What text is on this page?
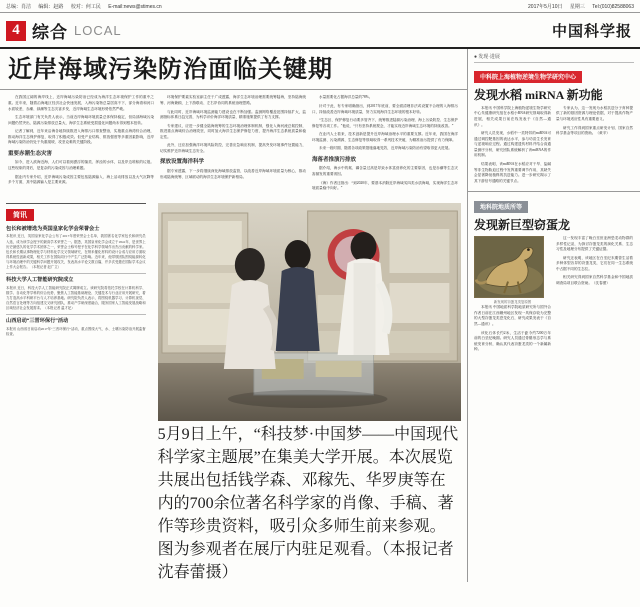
总编：肖洁 编辑：赵路 校对：何工民 E-mail:news@stimes.cn	2017年5月10日 星期三 Tel:(010)82588063
4 综合 LOCAL	中国科学报
近岸海域污染防治面临关键期

在我国辽阔的海岸线上，近岸海域污染防治已经成为海洋生态环境保护工作的重中之重。近年来，随着沿海地区经济社会快速发展，入海污染物总量居高不下，部分海湾和河口水质较差，赤潮、绿潮等生态灾害多发，近岸海域生态环境形势依然严峻。

生态环境部门有关负责人表示，当前近岸海域环境质量总体保持稳定，但局部海域污染问题仍然突出，陆源污染排放总量大，海洋生态系统受损退化问题尚未得到根本扭转。

记者了解到，近年来沿海各地持续推进入海排污口排查整治，实施重点海湾综合治理，推动海洋生态保护修复，取得了积极成效。但受产业结构、排放强度等多重因素影响，近岸海域污染防治仍处于负重爬坡、攻坚克难的关键阶段。

重要赤潮生态灾害

如今，进入滨海近海，人们可以看到漂浮的藻类、浑浊的水体，以及岸边堆积的垃圾。这些现象的背后，是复杂的污染成因与治理难题。

据业内专家介绍，近岸海域污染成因主要包括陆源输入、海上活动排放以及大气沉降等多个方面，其中陆源输入是主要来源。

环境保护要素实验室副主任于广成透露，海洋生态环境治理需要统筹陆海，坚持陆海统筹、河海兼顾、上下游联动、左右岸协同的系统治理思路。

与此同时，近岸海域环境监测能力建设也在不断加强。监测网络覆盖范围持续扩大，监测指标体系日趋完善，为科学评价海洋环境质量、精准施策提供了有力支撑。

专家建议，应进一步健全陆海统筹的生态环境治理体制机制，强化入海河流总氮控制，推进重点海域综合治理攻坚，同时加大海洋生态保护修复力度，提升海洋生态系统质量和稳定性。

此外，还应加强海洋环境风险防控，完善应急响应机制，提高突发环境事件处置能力，切实维护近岸海域生态安全。

探放设置海洋科学

据专家透露，下一步将继续深化海域排放监管，以改善近岸海域环境质量为核心，推动形成陆海统筹、区域联动的海洋生态环境保护新格局。

水量需要化占据海洋总量的78%。

针对于此，有专家明确指出，到2017年底前，要全面清理非法或设置不合理的入海排污口，持续改善近岸海域环境质量，努力实现海洋生态环境的根本好转。

“生态区、保护修复行动要多管齐下，统筹推进陆源污染治理、海上污染防控、生态保护修复等各项工作。”他说，“只有坚持系统观念，才能实现近岸海域生态环境的持续改善。”

在业内人士看来，技术创新是提升近岸海域治理水平的重要支撑。近年来，我国在海洋环境监测、污染溯源、生态修复等领域取得一系列技术突破，为精准治污提供了有力保障。

未来一段时期，随着各项政策措施落地见效，近岸海域污染防治有望取得更大进展。

海落者推演污排放

据介绍，海水中的氮、磷含量过高是导致水体富营养化的主要原因，也是赤潮等生态灾害频发的重要诱因。

《海》作者还指出：“到2020年，要基本消除近岸海域劣四类水质海域，实现海洋生态环境质量稳中向好。”

简讯
包长和被增选为英国皇家化学会荣誉会士
本报讯 近日，英国皇家化学会公布了2017年度荣誉会士名单，我国著名化学家包长和研究员入选，成为该学会授予的最高学术荣誉之一。据悉，英国皇家化学会成立于1841年，是世界上历史最悠久的化学学术团体之一，荣誉会士称号授予在化学科学领域作出杰出贡献的科学家。包长和长期从事物理化学与材料化学交叉领域研究，在纳米催化材料的设计合成与应用方面取得系统性创新成果，相关工作在国际同行中产生广泛影响。近年来，他带领团队围绕能源转化与环境治理中的关键科学问题开展攻关，发表高水平论文数百篇，并多次受邀在国际学术会议上作大会报告。（本报记者 赵广立）
科技大学人工智能研究院成立
本报讯 近日，科技大学人工智能研究院正式揭牌成立。该研究院将依托学校在计算机科学、数学、自动化等学科的综合优势，聚焦人工智能基础理论、关键技术与行业应用开展研究，着力打造高水平科研平台与人才培养基地。研究院负责人表示，将围绕机器学习、计算机视觉、自然语言处理等方向组建交叉研究团队，推动产学研深度融合，服务国家人工智能发展战略和区域经济社会发展需求。（本报记者 温才妃）
山西启动“三晋环保行”活动
本报讯 山西省日前启动2017年“三晋环保行”活动，重点围绕大气、水、土壤污染防治开展监督检查。
5月9日上午，“科技梦·中国梦——中国现代科学家主题展”在集美大学开展。本次展览共展出包括钱学森、邓稼先、华罗庚等在内的700余位著名科学家的肖像、手稿、著作等珍贵资料，吸引众多师生前来参观。图为参观者在展厅内驻足观看。（本报记者 沈春蕾摄）
● 发现·进展
中科院上海植物逆境生物学研究中心
发现水稻 miRNA 新功能

本报讯 中国科学院上海植物逆境生物学研究中心朱健康研究组在水稻小RNA研究领域取得新进展，相关成果日前在线发表于《自然—通讯》。

研究人员发现，水稻中一类特异的miRNA可通过调控靶基因的表达水平，参与幼苗生长发育与逆境响应过程。通过构建遗传材料并结合高通量测序分析，研究团队系统解析了该miRNA的作用机制。

结果表明，该miRNA在水稻应对干旱、盐碱等非生物胁迫过程中发挥重要调节作用，其缺失会显著降低植株的抗逆能力。进一步研究揭示了其下游信号通路的关键节点。

专家认为，这一发现为水稻抗逆分子育种提供了新的基因资源与理论依据，对于提高作物产量与环境适应性具有重要意义。

研究工作得到国家重点研发计划、国家自然科学基金等项目的资助。（黄辛）

地科院地质所等
发现新巨型窃蛋龙
新发现的窃蛋龙类复原图

本报讯 中国地质科学院地质研究所与国外合作者日前在江西赣州地区发现一具保存较为完整的大型窃蛋龙类恐龙化石，研究成果发表于《自然—通讯》。

该化石体长约2米，生活于距今约7200万年前的白垩纪晚期。研究人员通过骨骼形态学与系统发育分析，确认其代表窃蛋龙类的一个新属新种。

这一发现丰富了晚白垩世亚洲恐龙动物群的多样性记录，为探讨窃蛋龙类的演化关系、生态习性及地理分布提供了关键证据。

研究还表明，该地区在白垩纪末期曾生活着多种体型各异的窃蛋龙类，它们在同一生态系统中占据不同的生态位。

相关研究得到国家自然科学基金和中国地质调查局项目联合资助。（沈春蕾）
